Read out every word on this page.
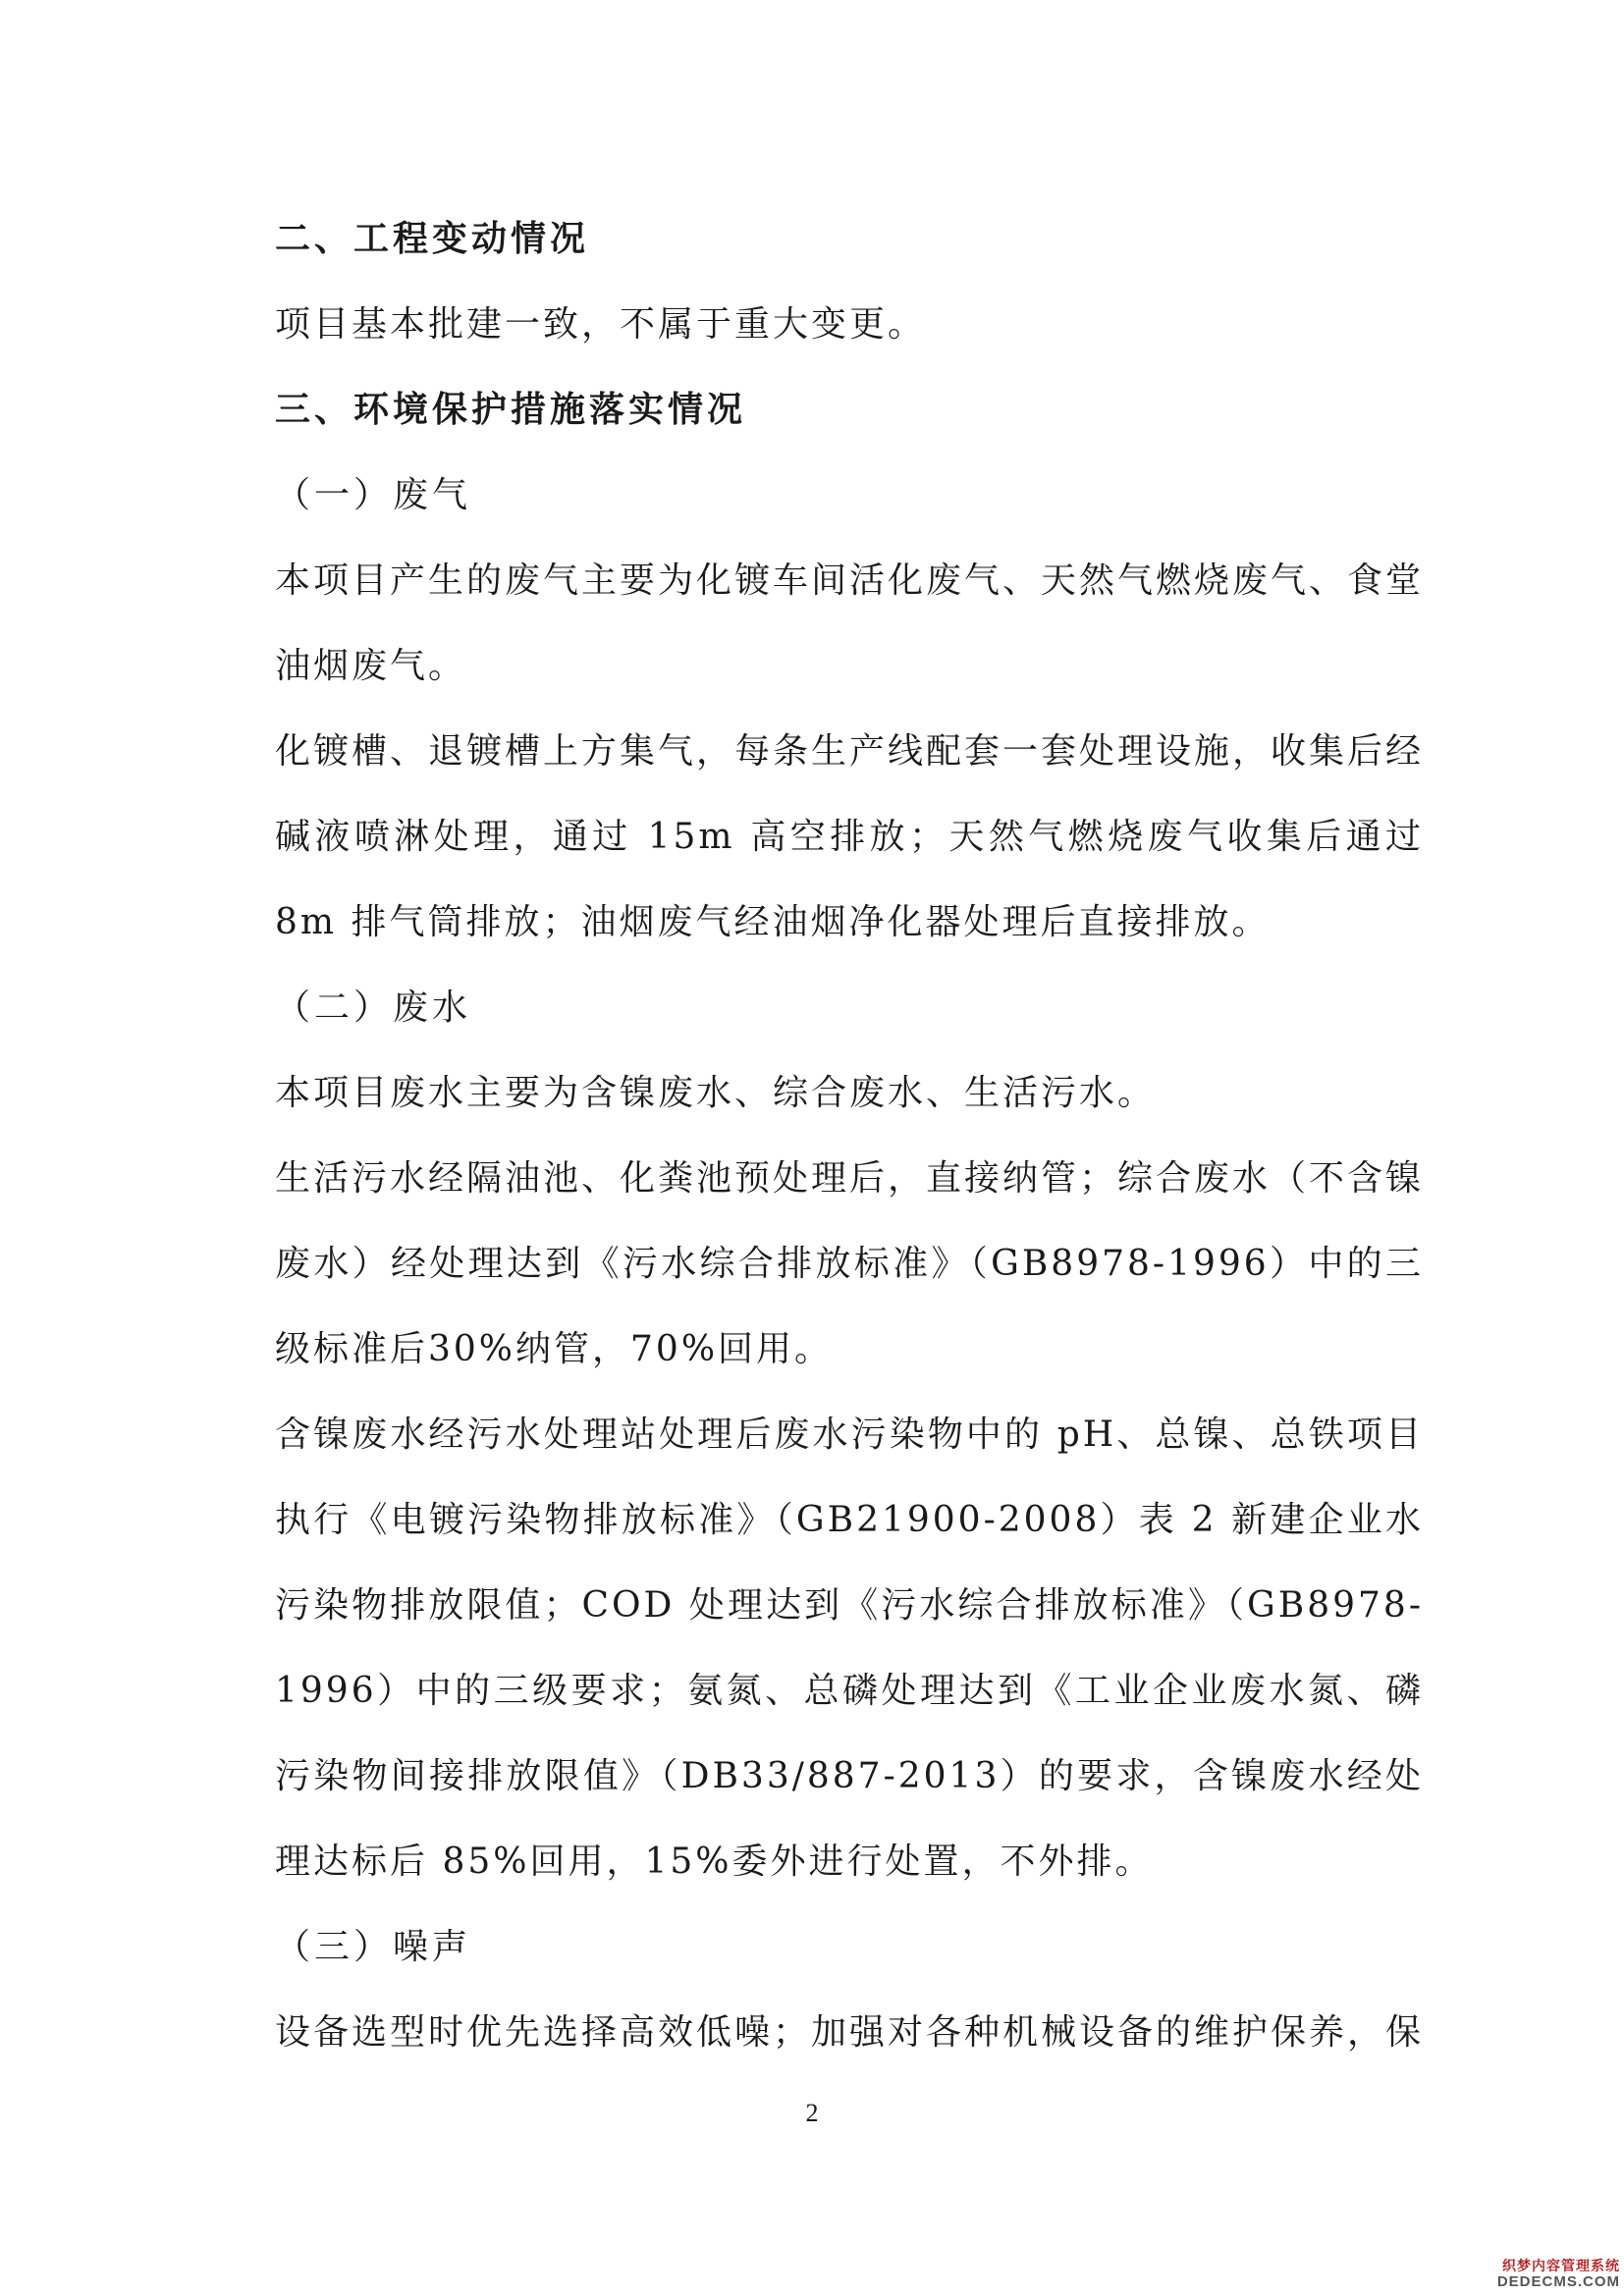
二、工程变动情况

项目基本批建一致，不属于重大变更。

三、环境保护措施落实情况

（一）废气

本项目产生的废气主要为化镀车间活化废气、天然气燃烧废气、食堂油烟废气。

化镀槽、退镀槽上方集气，每条生产线配套一套处理设施，收集后经碱液喷淋处理，通过 15m 高空排放；天然气燃烧废气收集后通过 8m 排气筒排放；油烟废气经油烟净化器处理后直接排放。

（二）废水

本项目废水主要为含镍废水、综合废水、生活污水。

生活污水经隔油池、化粪池预处理后，直接纳管；综合废水（不含镍废水）经处理达到《污水综合排放标准》（GB8978-1996）中的三级标准后30%纳管，70%回用。

含镍废水经污水处理站处理后废水污染物中的 pH、总镍、总铁项目执行《电镀污染物排放标准》（GB21900-2008）表 2 新建企业水污染物排放限值；COD 处理达到《污水综合排放标准》（GB8978-1996）中的三级要求；氨氮、总磷处理达到《工业企业废水氮、磷污染物间接排放限值》（DB33/887-2013）的要求，含镍废水经处理达标后 85%回用，15%委外进行处置，不外排。

（三）噪声

设备选型时优先选择高效低噪；加强对各种机械设备的维护保养，保

2
织梦内容管理系统
DEDECMS.COM
